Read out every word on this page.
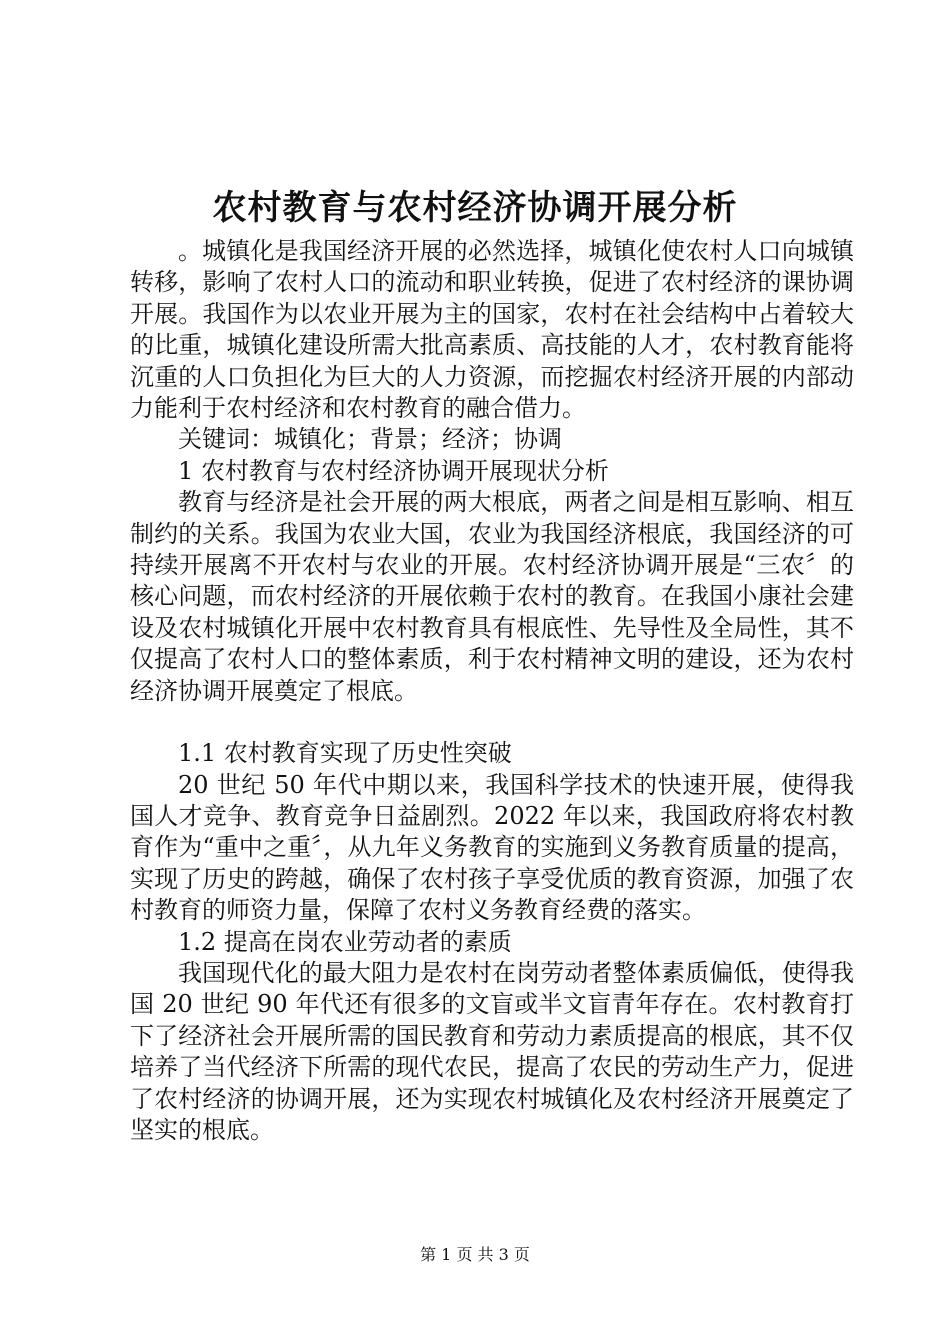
农村教育与农村经济协调开展分析

。城镇化是我国经济开展的必然选择，城镇化使农村人口向城镇转移，影响了农村人口的流动和职业转换，促进了农村经济的课协调开展。我国作为以农业开展为主的国家，农村在社会结构中占着较大的比重，城镇化建设所需大批高素质、高技能的人才，农村教育能将沉重的人口负担化为巨大的人力资源，而挖掘农村经济开展的内部动力能利于农村经济和农村教育的融合借力。

关键词：城镇化；背景；经济；协调

1 农村教育与农村经济协调开展现状分析

教育与经济是社会开展的两大根底，两者之间是相互影响、相互制约的关系。我国为农业大国，农业为我国经济根底，我国经济的可持续开展离不开农村与农业的开展。农村经济协调开展是“三农〞的核心问题，而农村经济的开展依赖于农村的教育。在我国小康社会建设及农村城镇化开展中农村教育具有根底性、先导性及全局性，其不仅提高了农村人口的整体素质，利于农村精神文明的建设，还为农村经济协调开展奠定了根底。

1.1 农村教育实现了历史性突破

20 世纪 50 年代中期以来，我国科学技术的快速开展，使得我国人才竞争、教育竞争日益剧烈。2022 年以来，我国政府将农村教育作为“重中之重〞，从九年义务教育的实施到义务教育质量的提高，实现了历史的跨越，确保了农村孩子享受优质的教育资源，加强了农村教育的师资力量，保障了农村义务教育经费的落实。

1.2 提高在岗农业劳动者的素质

我国现代化的最大阻力是农村在岗劳动者整体素质偏低，使得我国 20 世纪 90 年代还有很多的文盲或半文盲青年存在。农村教育打下了经济社会开展所需的国民教育和劳动力素质提高的根底，其不仅培养了当代经济下所需的现代农民，提高了农民的劳动生产力，促进了农村经济的协调开展，还为实现农村城镇化及农村经济开展奠定了坚实的根底。

第 1 页 共 3 页
